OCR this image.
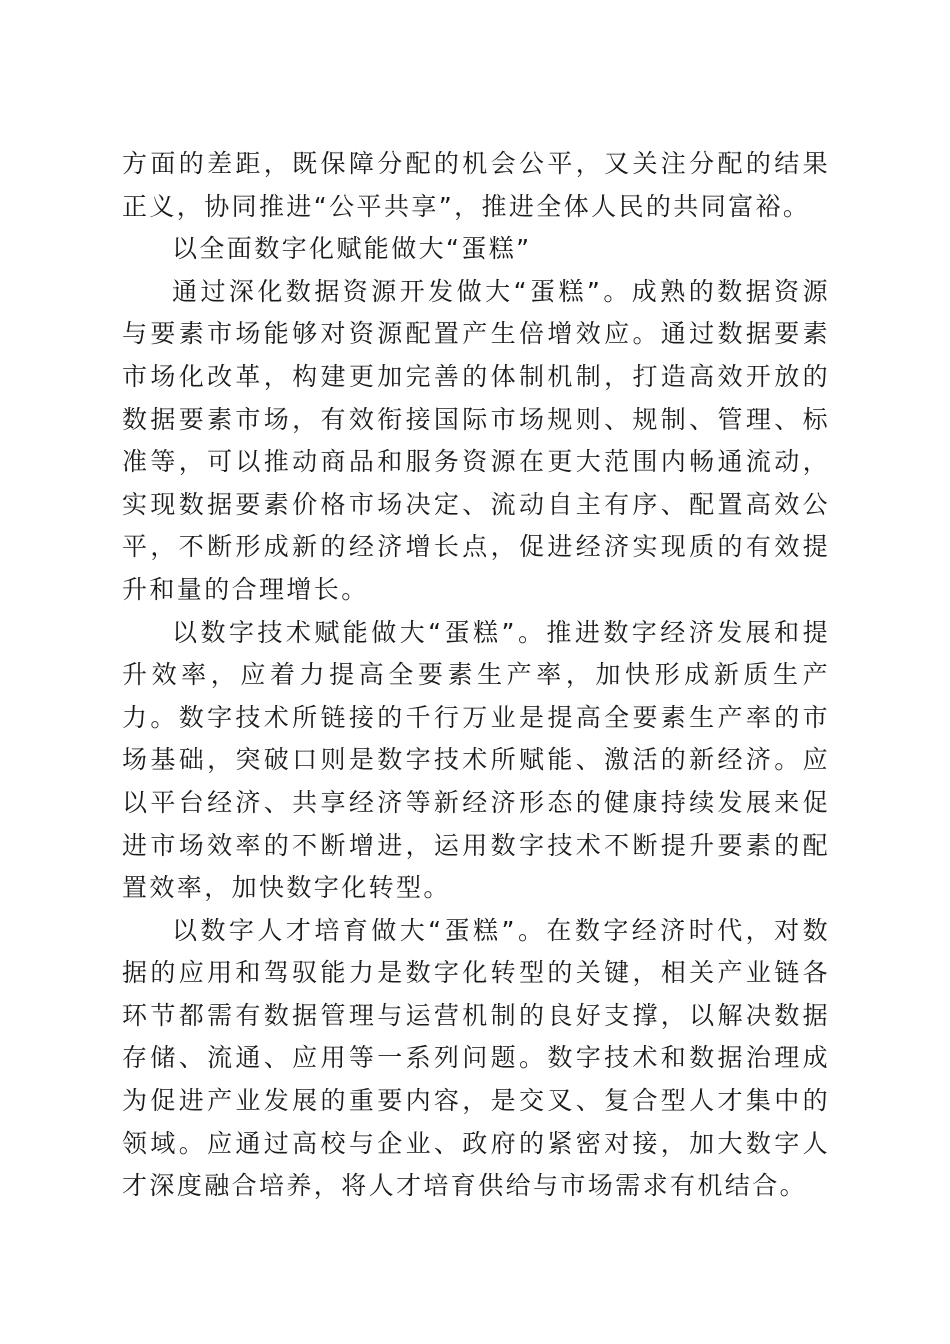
方面的差距，既保障分配的机会公平，又关注分配的结果正义，协同推进“公平共享”，推进全体人民的共同富裕。

以全面数字化赋能做大“蛋糕”

通过深化数据资源开发做大“蛋糕”。成熟的数据资源与要素市场能够对资源配置产生倍增效应。通过数据要素市场化改革，构建更加完善的体制机制，打造高效开放的数据要素市场，有效衔接国际市场规则、规制、管理、标准等，可以推动商品和服务资源在更大范围内畅通流动，实现数据要素价格市场决定、流动自主有序、配置高效公平，不断形成新的经济增长点，促进经济实现质的有效提升和量的合理增长。

以数字技术赋能做大“蛋糕”。推进数字经济发展和提升效率，应着力提高全要素生产率，加快形成新质生产力。数字技术所链接的千行万业是提高全要素生产率的市场基础，突破口则是数字技术所赋能、激活的新经济。应以平台经济、共享经济等新经济形态的健康持续发展来促进市场效率的不断增进，运用数字技术不断提升要素的配置效率，加快数字化转型。

以数字人才培育做大“蛋糕”。在数字经济时代，对数据的应用和驾驭能力是数字化转型的关键，相关产业链各环节都需有数据管理与运营机制的良好支撑，以解决数据存储、流通、应用等一系列问题。数字技术和数据治理成为促进产业发展的重要内容，是交叉、复合型人才集中的领域。应通过高校与企业、政府的紧密对接，加大数字人才深度融合培养，将人才培育供给与市场需求有机结合。
